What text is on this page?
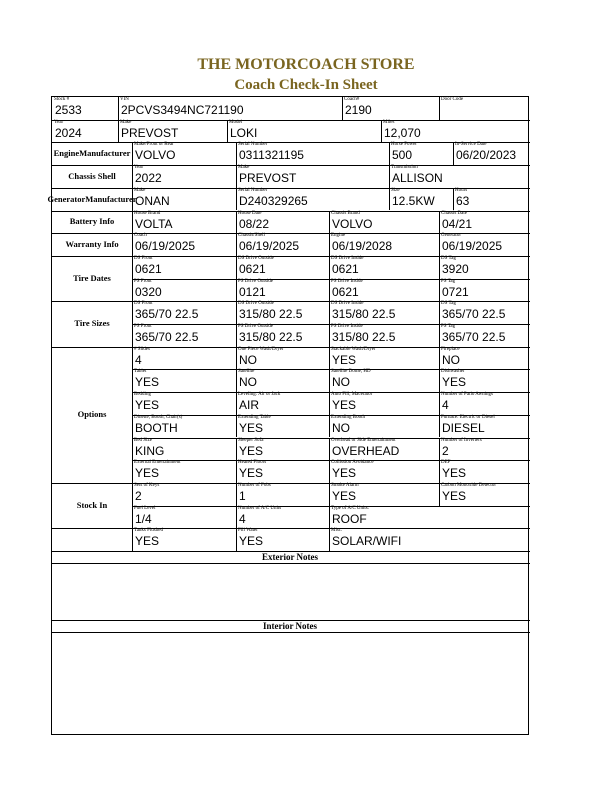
THE MOTORCOACH STORE
Coach Check-In Sheet
Stock #
2533
VIN
2PCVS3494NC721190
Coach#
2190
Door Code
Year
2024
Make
PREVOST
Model
LOKI
Miles
12,070
Engine Manufacturer
Make/Front or Rear
VOLVO
Serial Number
0311321195
Horse Power
500
In-Service Date
06/20/2023
Chassis Shell
Year
2022
Make
PREVOST
Transmission
ALLISON
Generator Manufacturer
Make
ONAN
Serial Number
D240329265
Size
12.5KW
Hours
63
Battery Info
House Brand
VOLTA
House Date
08/22
Chassis Brand
VOLVO
Chassis Date
04/21
Warranty Info
Coach
06/19/2025
Chassis/Shell
06/19/2025
Engine
06/19/2028
Generator
06/19/2025
DS Front
0621
DS Drive Outside
0621
DS Drive Inside
0621
DS Tag
3920
PS Front
0320
PS Drive Outside
0121
PS Drive Inside
0621
PS Tag
0721
Tire Dates
DS Front
365/70 22.5
DS Drive Outside
315/80 22.5
DS Drive Inside
315/80 22.5
DS Tag
365/70 22.5
PS Front
365/70 22.5
PS Drive Outside
315/80 22.5
PS Drive Inside
315/80 22.5
PS Tag
365/70 22.5
Tire Sizes
# Slides
4
One Piece Wash/Dryer
NO
Stackable Wash/Dryer
YES
Fireplace
NO
Tablet
YES
Satellite
NO
Satellite Dome, HD
NO
Dishwasher
YES
Bedding
YES
Leveling: Air or Jack
AIR
Auto Fill, Macerator
YES
Number of Patio Awnings
4
Dinette, Booth, Chair(s)
BOOTH
Extending Table
YES
Extending Booth
NO
Furnace: Electric or Diesel
DIESEL
Bed Size
KING
Sleeper Sofa
YES
Overhead or Side Entertainment
OVERHEAD
Number of Inverters
2
External Entertainment
YES
Heated Floors
YES
Collission Avoidance
YES
DEF
YES
Options
Sets of Keys
2
Number of Fobs
1
Smoke Alarm
YES
Carbon Monoxide Detector
YES
Fuel Level
1/4
Number of A/C Units
4
Type of A/C Units:
ROOF
Stock In
Tanks Flushed
YES
Fill Water
YES
Misc.
SOLAR/WIFI
Exterior Notes
Interior Notes
